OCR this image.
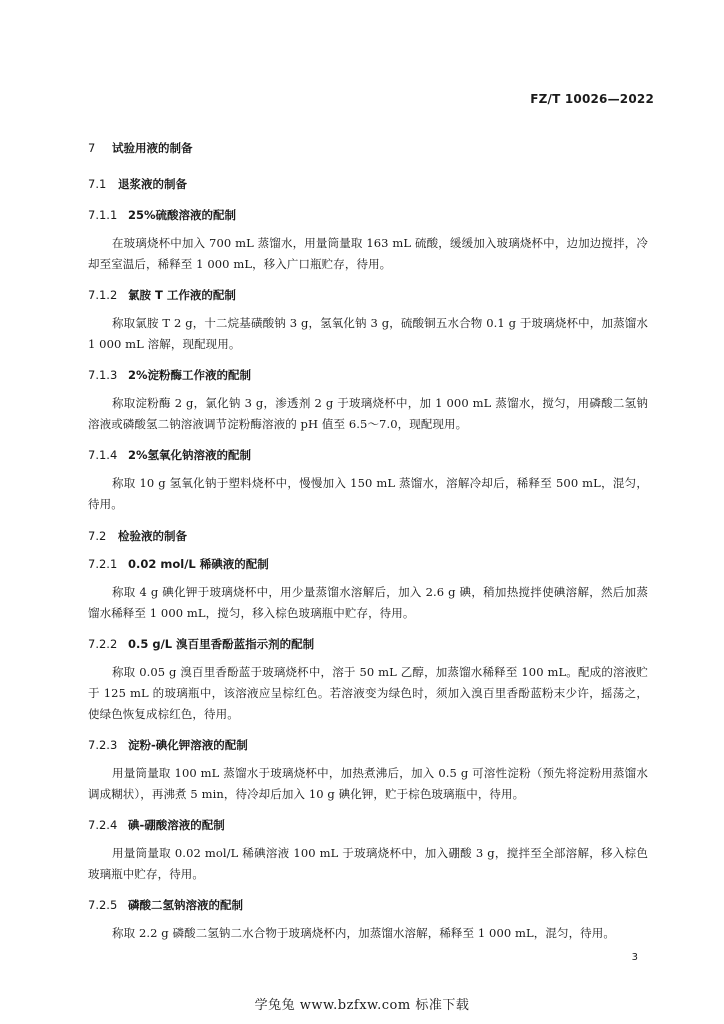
FZ/T 10026—2022
7 试验用液的制备
7.1 退浆液的制备
7.1.1 25%硫酸溶液的配制
在玻璃烧杯中加入 700 mL 蒸馏水，用量筒量取 163 mL 硫酸，缓缓加入玻璃烧杯中，边加边搅拌，冷却至室温后，稀释至 1 000 mL，移入广口瓶贮存，待用。
7.1.2 氯胺 T 工作液的配制
称取氯胺 T 2 g，十二烷基磺酸钠 3 g，氢氧化钠 3 g，硫酸铜五水合物 0.1 g 于玻璃烧杯中，加蒸馏水 1 000 mL 溶解，现配现用。
7.1.3 2%淀粉酶工作液的配制
称取淀粉酶 2 g，氯化钠 3 g，渗透剂 2 g 于玻璃烧杯中，加 1 000 mL 蒸馏水，搅匀，用磷酸二氢钠溶液或磷酸氢二钠溶液调节淀粉酶溶液的 pH 值至 6.5～7.0，现配现用。
7.1.4 2%氢氧化钠溶液的配制
称取 10 g 氢氧化钠于塑料烧杯中，慢慢加入 150 mL 蒸馏水，溶解冷却后，稀释至 500 mL，混匀，待用。
7.2 检验液的制备
7.2.1 0.02 mol/L 稀碘液的配制
称取 4 g 碘化钾于玻璃烧杯中，用少量蒸馏水溶解后，加入 2.6 g 碘，稍加热搅拌使碘溶解，然后加蒸馏水稀释至 1 000 mL，搅匀，移入棕色玻璃瓶中贮存，待用。
7.2.2 0.5 g/L 溴百里香酚蓝指示剂的配制
称取 0.05 g 溴百里香酚蓝于玻璃烧杯中，溶于 50 mL 乙醇，加蒸馏水稀释至 100 mL。配成的溶液贮于 125 mL 的玻璃瓶中，该溶液应呈棕红色。若溶液变为绿色时，须加入溴百里香酚蓝粉末少许，摇荡之，使绿色恢复成棕红色，待用。
7.2.3 淀粉-碘化钾溶液的配制
用量筒量取 100 mL 蒸馏水于玻璃烧杯中，加热煮沸后，加入 0.5 g 可溶性淀粉（预先将淀粉用蒸馏水调成糊状），再沸煮 5 min，待冷却后加入 10 g 碘化钾，贮于棕色玻璃瓶中，待用。
7.2.4 碘-硼酸溶液的配制
用量筒量取 0.02 mol/L 稀碘溶液 100 mL 于玻璃烧杯中，加入硼酸 3 g，搅拌至全部溶解，移入棕色玻璃瓶中贮存，待用。
7.2.5 磷酸二氢钠溶液的配制
称取 2.2 g 磷酸二氢钠二水合物于玻璃烧杯内，加蒸馏水溶解，稀释至 1 000 mL，混匀，待用。
3
学兔兔 www.bzfxw.com 标准下载
